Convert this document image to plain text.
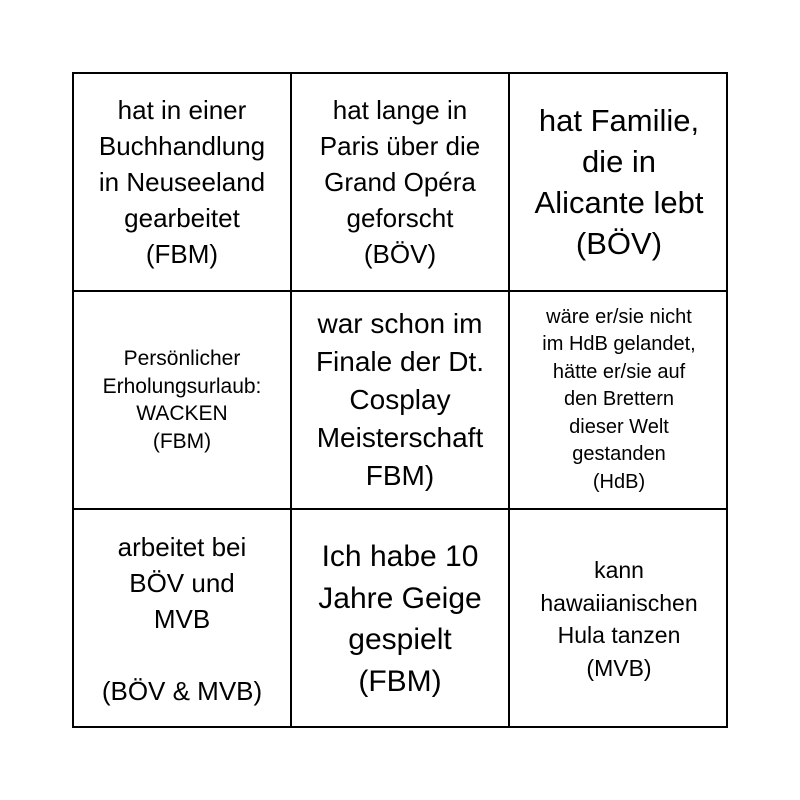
hat in einer
Buchhandlung
in Neuseeland
gearbeitet
(FBM)
hat lange in
Paris über die
Grand Opéra
geforscht
(BÖV)
hat Familie,
die in
Alicante lebt
(BÖV)
Persönlicher
Erholungsurlaub:
WACKEN
(FBM)
war schon im
Finale der Dt.
Cosplay
Meisterschaft
FBM)
wäre er/sie nicht
im HdB gelandet,
hätte er/sie auf
den Brettern
dieser Welt
gestanden
(HdB)
arbeitet bei
BÖV und
MVB

(BÖV & MVB)
Ich habe 10
Jahre Geige
gespielt
(FBM)
kann
hawaiianischen
Hula tanzen
(MVB)
